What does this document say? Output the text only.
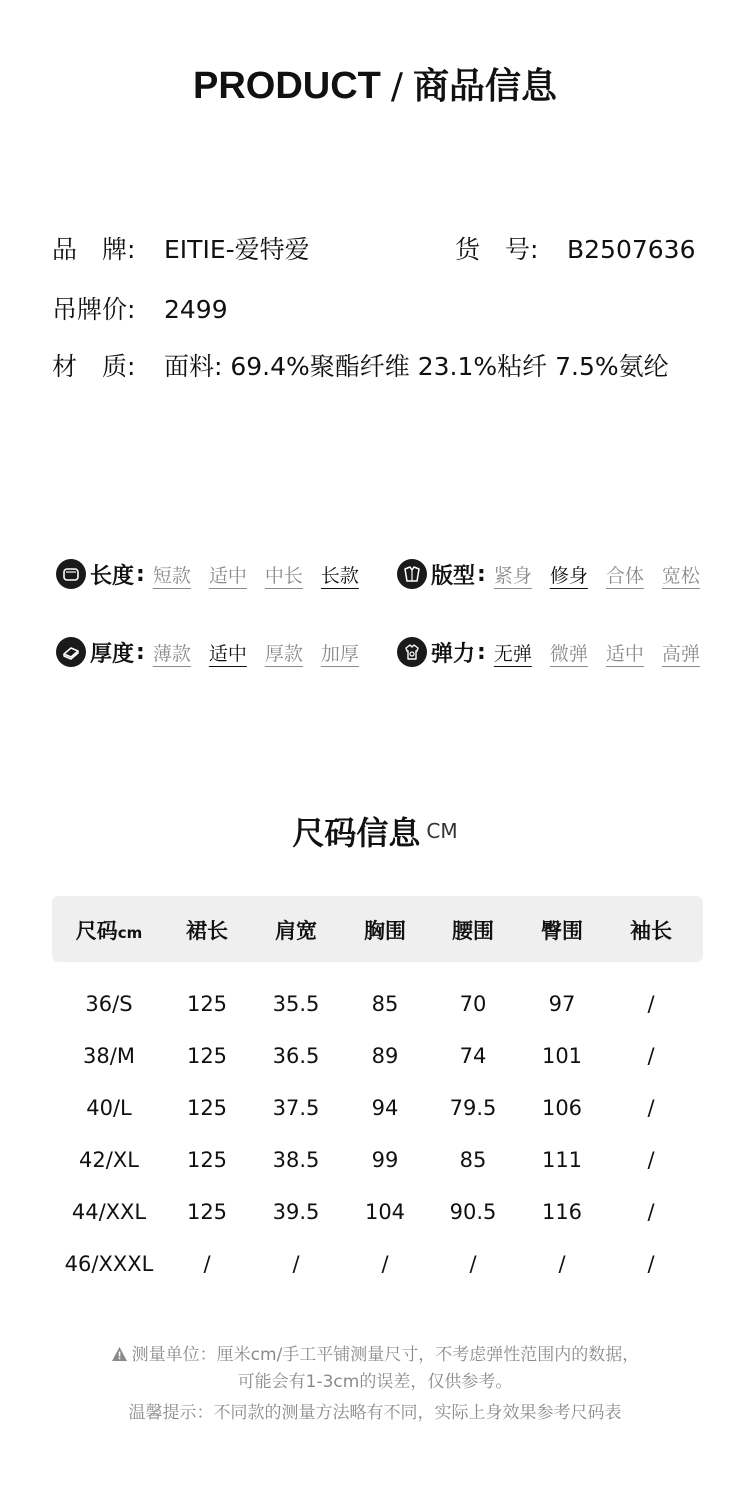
PRODUCT / 商品信息
品　牌: EITIE-爱特爱	货　号: B2507636
吊牌价: 2499
材　质: 面料: 69.4%聚酯纤维 23.1%粘纤 7.5%氨纶
长度 : 短款 适中 中长 长款	版型 : 紧身 修身 合体 宽松
厚度 : 薄款 适中 厚款 加厚	弹力 : 无弹 微弹 适中 高弹
尺码信息 CM
尺码cm	裙长	肩宽	胸围	腰围	臀围	袖长
36/S	125	35.5	85	70	97	/
38/M	125	36.5	89	74	101	/
40/L	125	37.5	94	79.5	106	/
42/XL	125	38.5	99	85	111	/
44/XXL	125	39.5	104	90.5	116	/
46/XXXL	/	/	/	/	/	/
测量单位：厘米cm/手工平铺测量尺寸，不考虑弹性范围内的数据，
可能会有1-3cm的误差，仅供参考。
温馨提示：不同款的测量方法略有不同，实际上身效果参考尺码表
